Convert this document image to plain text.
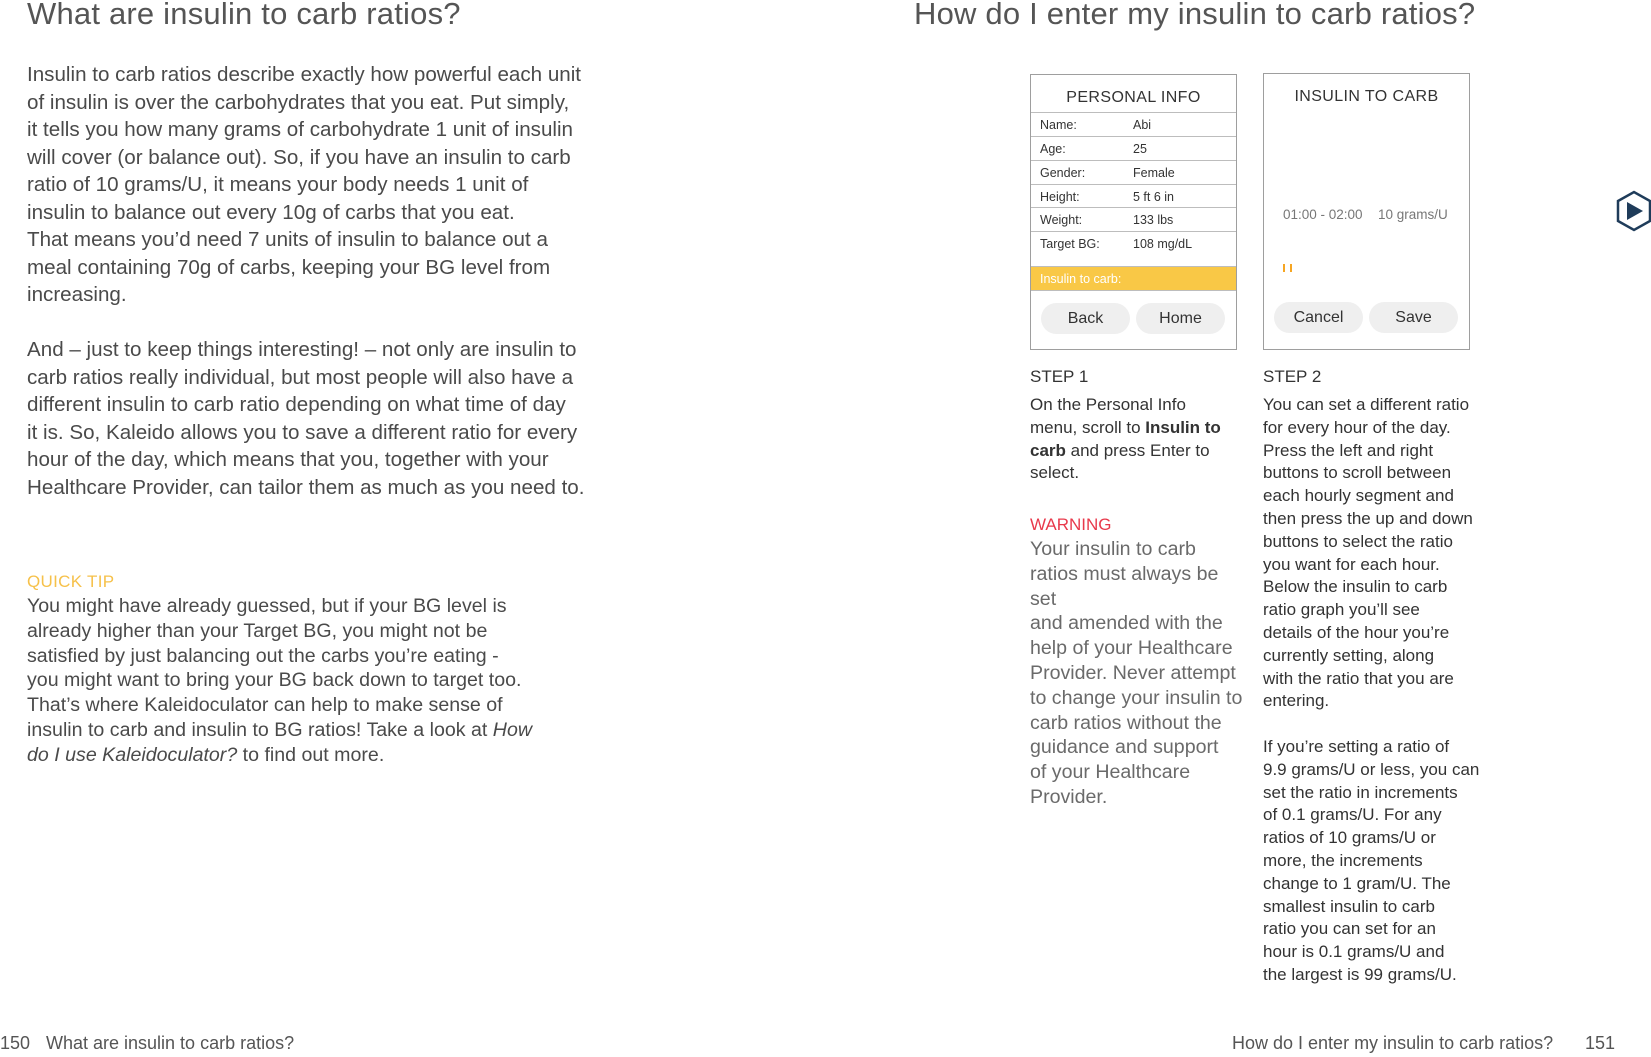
What are insulin to carb ratios?
Insulin to carb ratios describe exactly how powerful each unit
of insulin is over the carbohydrates that you eat. Put simply,
it tells you how many grams of carbohydrate 1 unit of insulin
will cover (or balance out). So, if you have an insulin to carb
ratio of 10 grams/U, it means your body needs 1 unit of
insulin to balance out every 10g of carbs that you eat.
That means you’d need 7 units of insulin to balance out a
meal containing 70g of carbs, keeping your BG level from
increasing.
And – just to keep things interesting! – not only are insulin to
carb ratios really individual, but most people will also have a
different insulin to carb ratio depending on what time of day
it is. So, Kaleido allows you to save a different ratio for every
hour of the day, which means that you, together with your
Healthcare Provider, can tailor them as much as you need to.
QUICK TIP
You might have already guessed, but if your BG level is
already higher than your Target BG, you might not be
satisfied by just balancing out the carbs you’re eating -
you might want to bring your BG back down to target too.
That’s where Kaleidoculator can help to make sense of
insulin to carb and insulin to BG ratios! Take a look at How
do I use Kaleidoculator? to find out more.
150 What are insulin to carb ratios?
How do I enter my insulin to carb ratios?
PERSONAL INFO
Name:	Abi
Age:	25
Gender:	Female
Height:	5 ft 6 in
Weight:	133 lbs
Target BG:	108 mg/dL
Insulin to carb:
Back	Home
INSULIN TO CARB
01:00 - 02:00 10 grams/U
Cancel	Save
STEP 1
On the Personal Info
menu, scroll to Insulin to
carb and press Enter to
select.
WARNING
Your insulin to carb
ratios must always be set
and amended with the
help of your Healthcare
Provider. Never attempt
to change your insulin to
carb ratios without the
guidance and support
of your Healthcare
Provider.
STEP 2
You can set a different ratio
for every hour of the day.
Press the left and right
buttons to scroll between
each hourly segment and
then press the up and down
buttons to select the ratio
you want for each hour.
Below the insulin to carb
ratio graph you’ll see
details of the hour you’re
currently setting, along
with the ratio that you are
entering.
If you’re setting a ratio of
9.9 grams/U or less, you can
set the ratio in increments
of 0.1 grams/U. For any
ratios of 10 grams/U or
more, the increments
change to 1 gram/U. The
smallest insulin to carb
ratio you can set for an
hour is 0.1 grams/U and
the largest is 99 grams/U.
How do I enter my insulin to carb ratios? 151
